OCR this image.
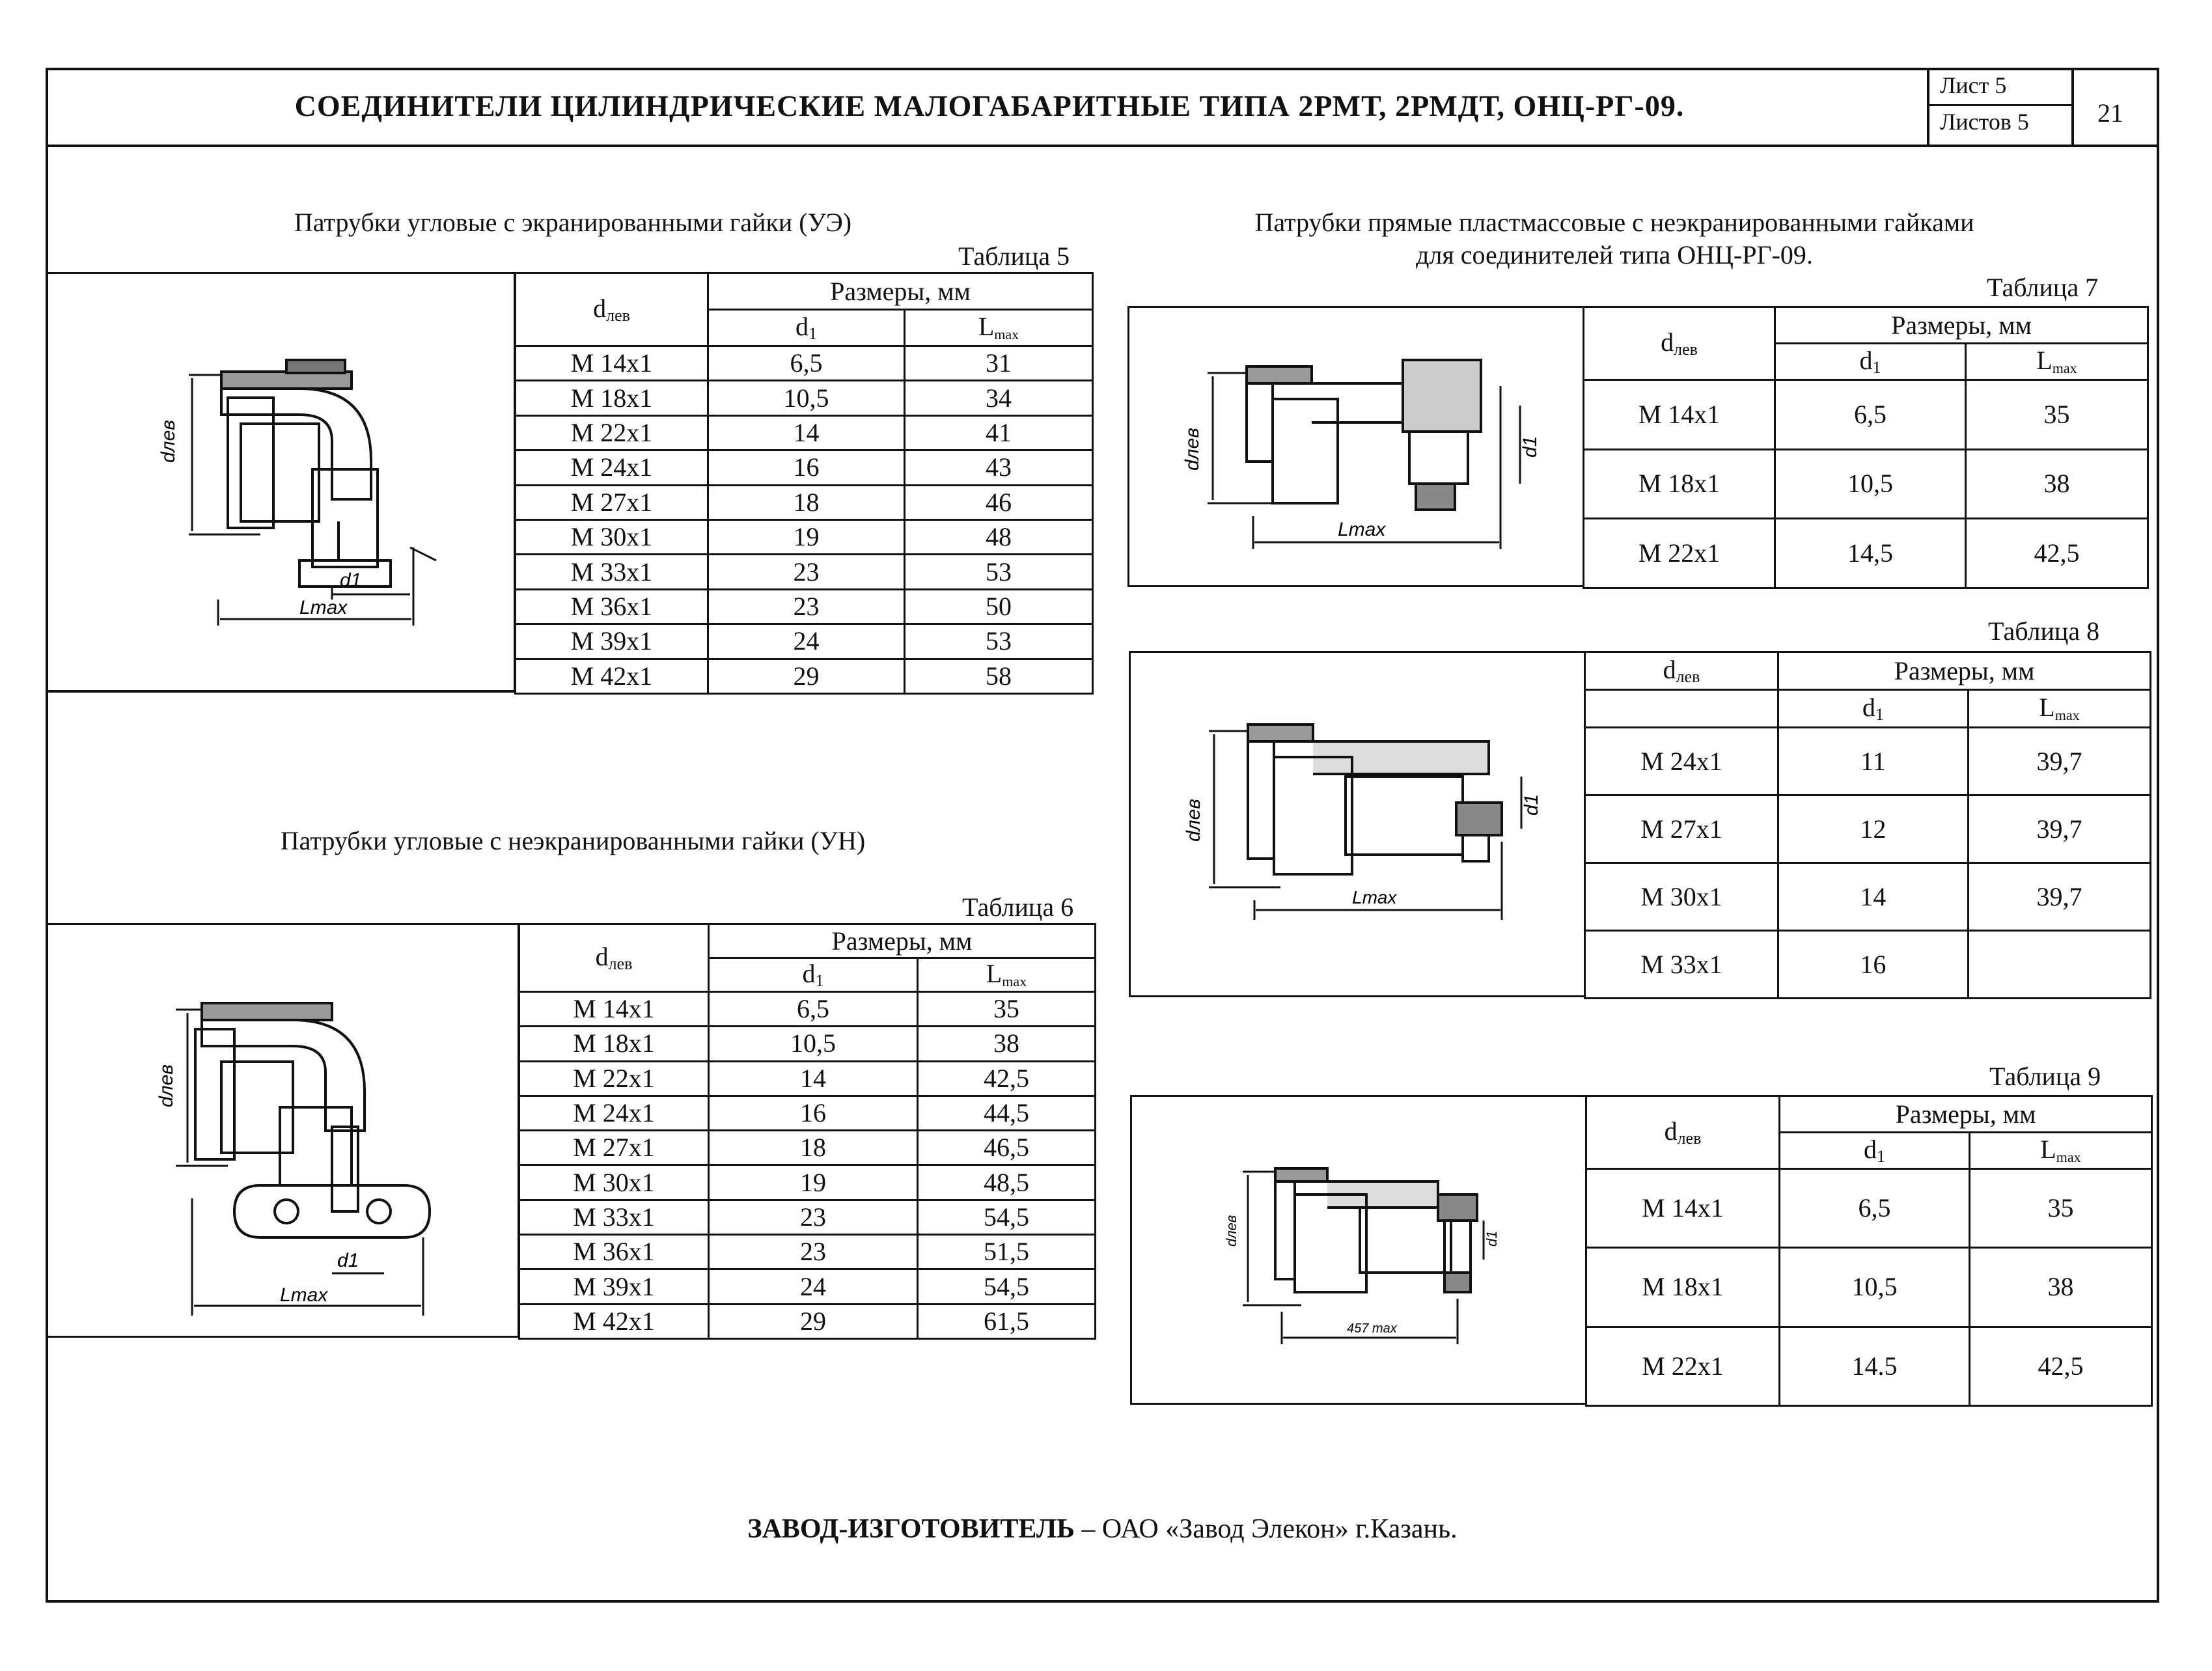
СОЕДИНИТЕЛИ ЦИЛИНДРИЧЕСКИЕ МАЛОГАБАРИТНЫЕ ТИПА 2РМТ, 2РМДТ, ОНЦ-РГ-09.
Лист 5
Листов 5	21
Патрубки угловые с экранированными гайки (УЭ)
Таблица 5
dлев
d1
Lmax
$d_{лев}$	Размеры, мм	
	$d_1$	Lmax
M 14x1	6,5	31
M 18x1	10,5	34
M 22x1	14	41
M 24x1	16	43
M 27x1	18	46
M 30x1	19	48
M 33x1	23	53
M 36x1	23	50
M 39x1	24	53
M 42x1	29	58
Патрубки угловые с неэкранированными гайки (УН)
Таблица 6
dлев
d1
Lmax
$d_{лев}$	Размеры, мм	
	$d_1$	Lmax
M 14x1	6,5	35
M 18x1	10,5	38
M 22x1	14	42,5
M 24x1	16	44,5
M 27x1	18	46,5
M 30x1	19	48,5
M 33x1	23	54,5
M 36x1	23	51,5
M 39x1	24	54,5
M 42x1	29	61,5
Патрубки прямые пластмассовые с неэкранированными гайками
для соединителей типа ОНЦ-РГ-09.
Таблица 7
dлев	d1
Lmax
$d_{лев}$	Размеры, мм	
	$d_1$	Lmax
M 14x1	6,5	35
M 18x1	10,5	38
M 22x1	14,5	42,5
Таблица 8
dлев	d1
Lmax
$d_{лев}$	Размеры, мм	
	$d_1$	Lmax
M 24x1	11	39,7
M 27x1	12	39,7
M 30x1	14	39,7
M 33x1	16	
Таблица 9
dлев	d1
457 max
$d_{лев}$	Размеры, мм	
	$d_1$	Lmax
M 14x1	6,5	35
M 18x1	10,5	38
M 22x1	14.5	42,5
ЗАВОД-ИЗГОТОВИТЕЛЬ – ОАО «Завод Элекон» г.Казань.
